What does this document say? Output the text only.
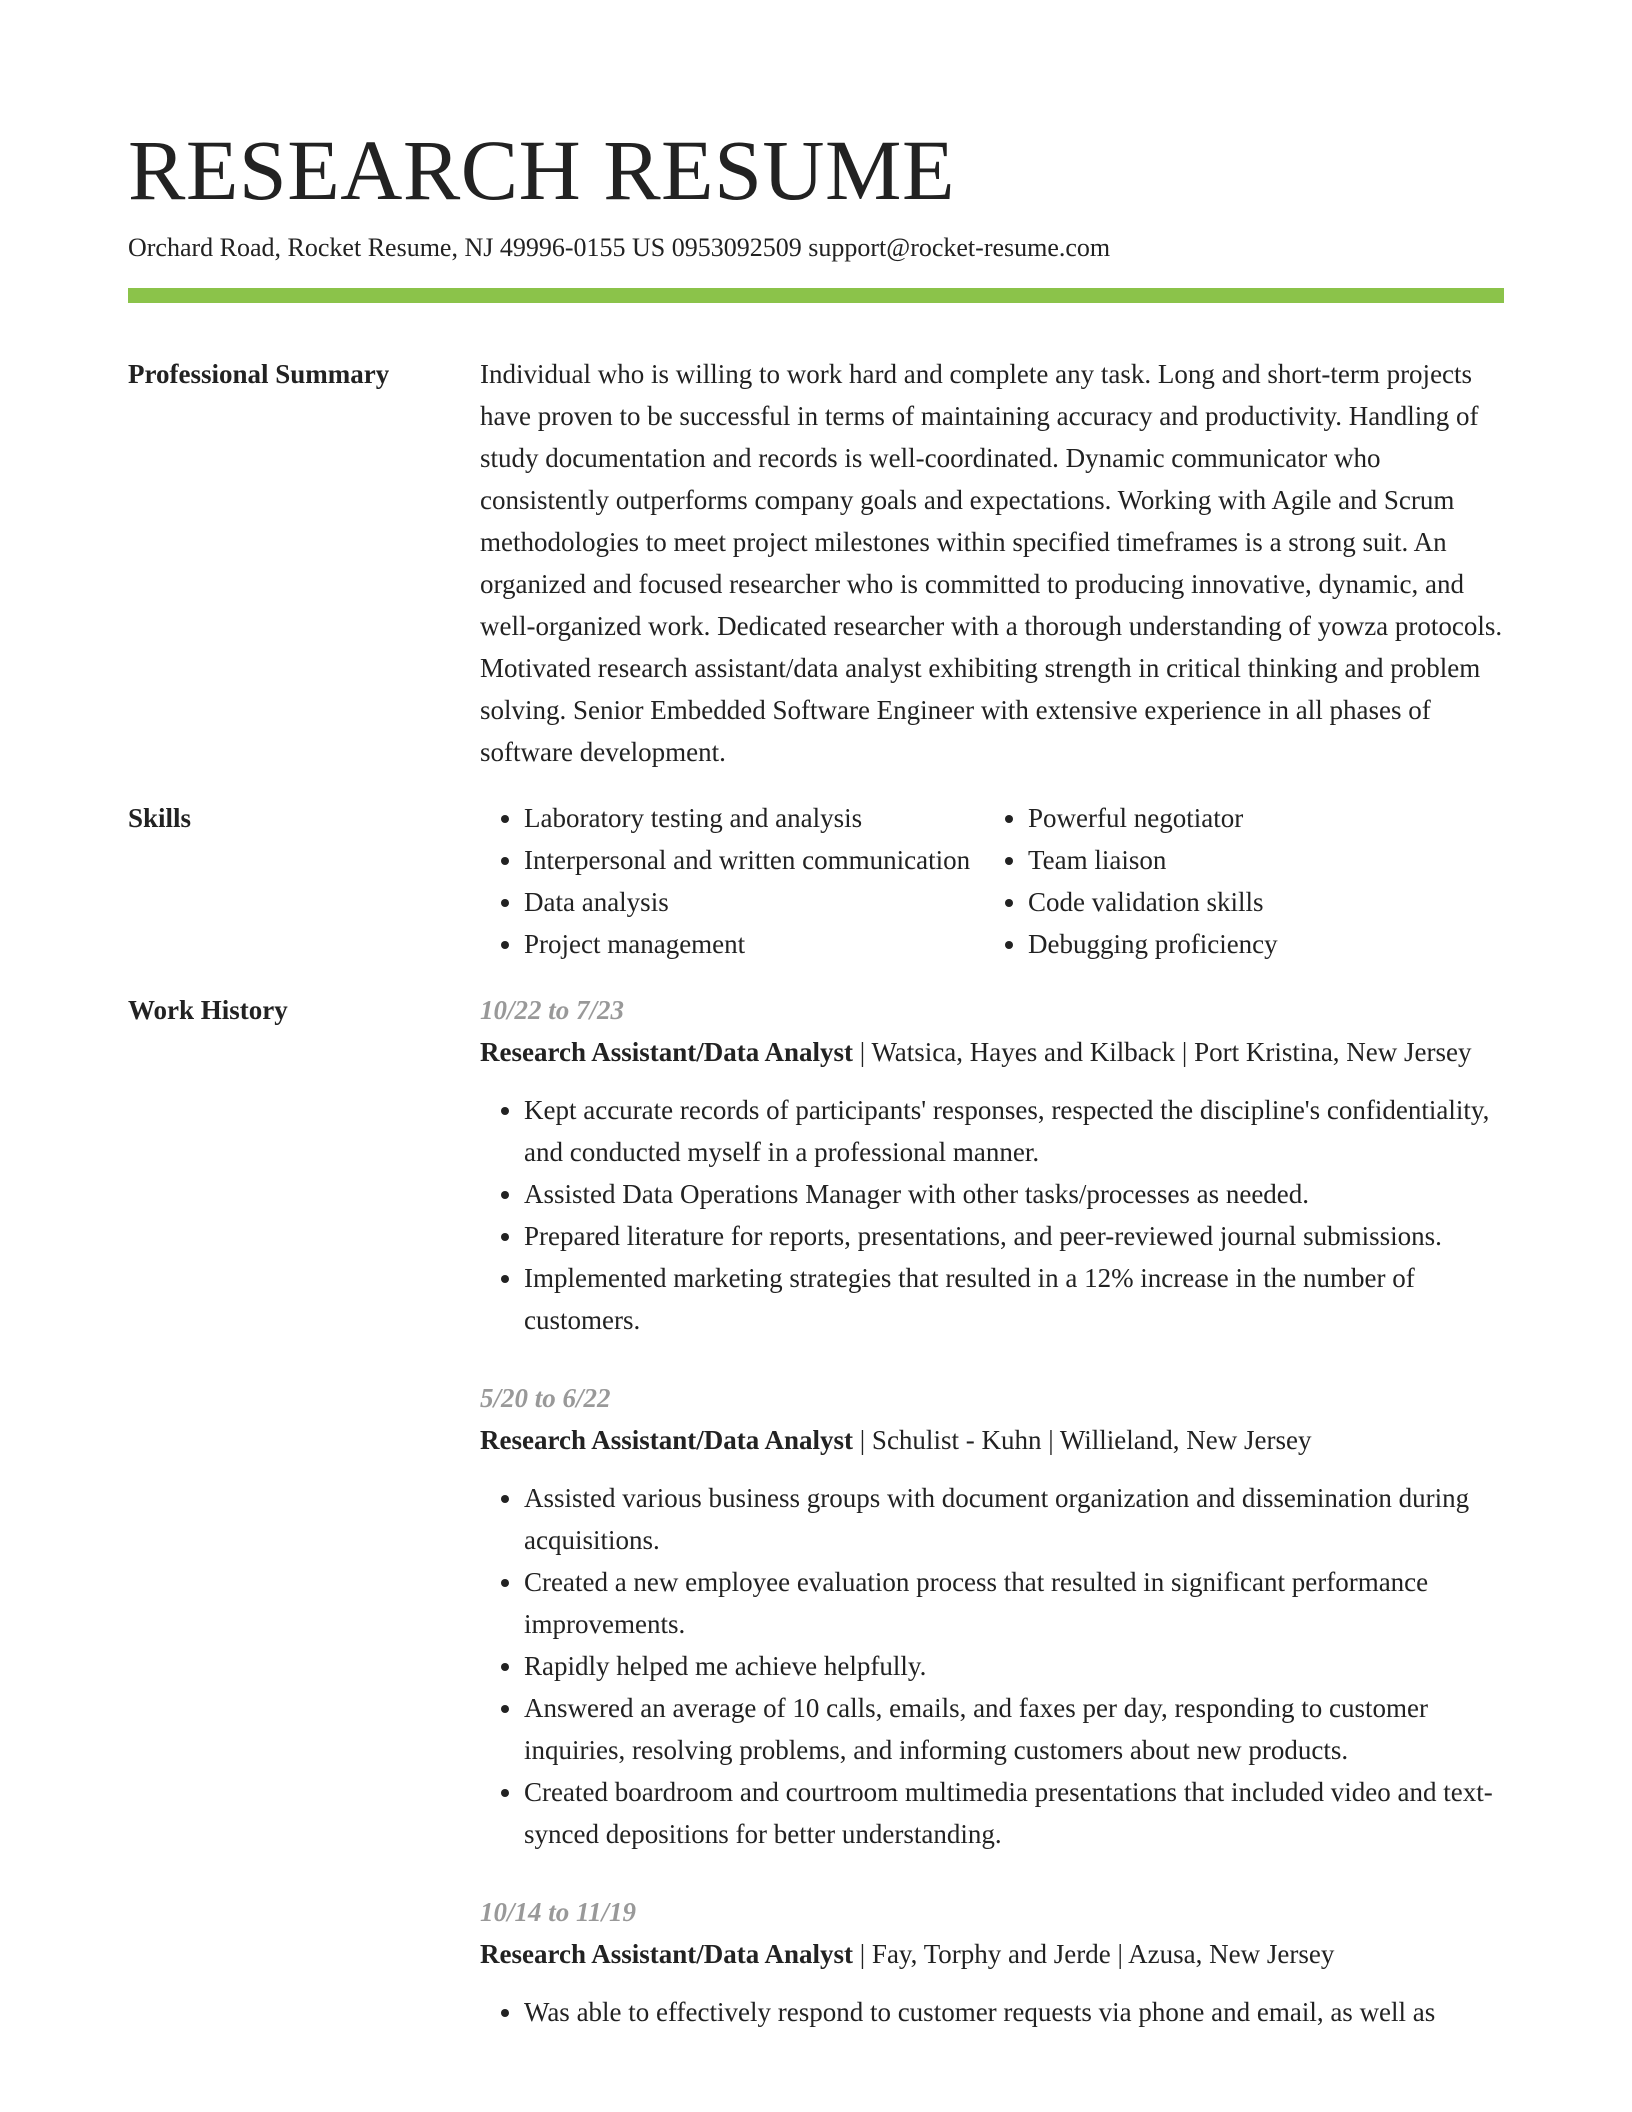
RESEARCH RESUME
Orchard Road, Rocket Resume, NJ 49996-0155 US 0953092509 support@rocket-resume.com
Professional Summary	Individual who is willing to work hard and complete any task. Long and short-term projects have proven to be successful in terms of maintaining accuracy and productivity. Handling of study documentation and records is well-coordinated. Dynamic communicator who consistently outperforms company goals and expectations. Working with Agile and Scrum methodologies to meet project milestones within specified timeframes is a strong suit. An organized and focused researcher who is committed to producing innovative, dynamic, and well-organized work. Dedicated researcher with a thorough understanding of yowza protocols. Motivated research assistant/data analyst exhibiting strength in critical thinking and problem solving. Senior Embedded Software Engineer with extensive experience in all phases of software development.

Skills
•	Laboratory testing and analysis
• Interpersonal and written communication
• Data analysis
• Project management
• Powerful negotiator
• Team liaison
• Code validation skills
• Debugging proficiency
Work History	10/22 to 7/23
Research Assistant/Data Analyst | Watsica, Hayes and Kilback | Port Kristina, New Jersey
• Kept accurate records of participants' responses, respected the discipline's confidentiality, and conducted myself in a professional manner.
• Assisted Data Operations Manager with other tasks/processes as needed.
• Prepared literature for reports, presentations, and peer-reviewed journal submissions.
• Implemented marketing strategies that resulted in a 12% increase in the number of customers.
5/20 to 6/22
Research Assistant/Data Analyst | Schulist - Kuhn | Willieland, New Jersey
• Assisted various business groups with document organization and dissemination during acquisitions.
• Created a new employee evaluation process that resulted in significant performance improvements.
• Rapidly helped me achieve helpfully.
• Answered an average of 10 calls, emails, and faxes per day, responding to customer inquiries, resolving problems, and informing customers about new products.
• Created boardroom and courtroom multimedia presentations that included video and text-synced depositions for better understanding.
10/14 to 11/19
Research Assistant/Data Analyst | Fay, Torphy and Jerde | Azusa, New Jersey
• Was able to effectively respond to customer requests via phone and email, as well as
